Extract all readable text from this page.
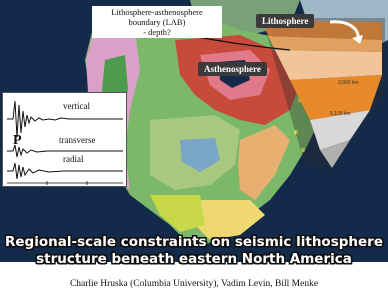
3,000 km
5,100 km
Lithosphere-asthenosphere
boundary (LAB)
- depth?
Lithosphere
Asthenosphere
vertical
P	transverse
radial
Regional-scale constraints on seismic lithosphere
structure beneath eastern North America
Charlie Hruska (Columbia University), Vadim Levin, Bill Menke
